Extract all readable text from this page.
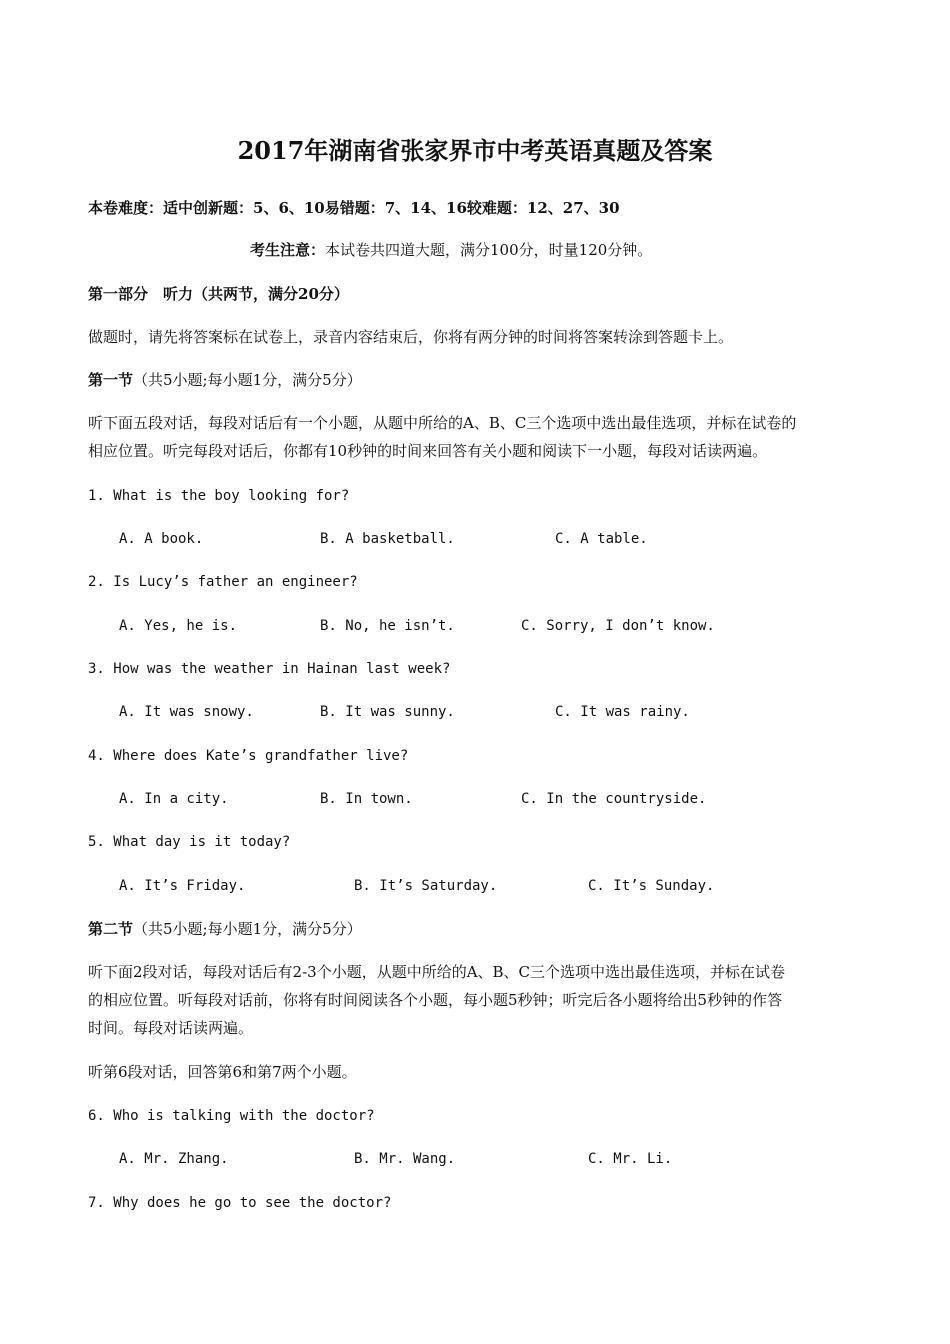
2017年湖南省张家界市中考英语真题及答案
本卷难度：适中创新题：5、6、10易错题：7、14、16较难题：12、27、30
考生注意：本试卷共四道大题，满分100分，时量120分钟。
第一部分　听力（共两节，满分20分）
做题时，请先将答案标在试卷上，录音内容结束后，你将有两分钟的时间将答案转涂到答题卡上。
第一节（共5小题;每小题1分，满分5分）
听下面五段对话，每段对话后有一个小题，从题中所给的A、B、C三个选项中选出最佳选项，并标在试卷的
相应位置。听完每段对话后，你都有10秒钟的时间来回答有关小题和阅读下一小题，每段对话读两遍。
1. What is the boy looking for?
A. A book.	B. A basketball.	C. A table.
2. Is Lucy’s father an engineer?
A. Yes, he is.	B. No, he isn’t.	C. Sorry, I don’t know.
3. How was the weather in Hainan last week?
A. It was snowy.	B. It was sunny.	C. It was rainy.
4. Where does Kate’s grandfather live?
A. In a city.	B. In town.	C. In the countryside.
5. What day is it today?
A. It’s Friday.	B. It’s Saturday.	C. It’s Sunday.
第二节（共5小题;每小题1分，满分5分）
听下面2段对话，每段对话后有2-3个小题，从题中所给的A、B、C三个选项中选出最佳选项，并标在试卷
的相应位置。听每段对话前，你将有时间阅读各个小题，每小题5秒钟；听完后各小题将给出5秒钟的作答
时间。每段对话读两遍。
听第6段对话，回答第6和第7两个小题。
6. Who is talking with the doctor?
A. Mr. Zhang.	B. Mr. Wang.	C. Mr. Li.
7. Why does he go to see the doctor?
